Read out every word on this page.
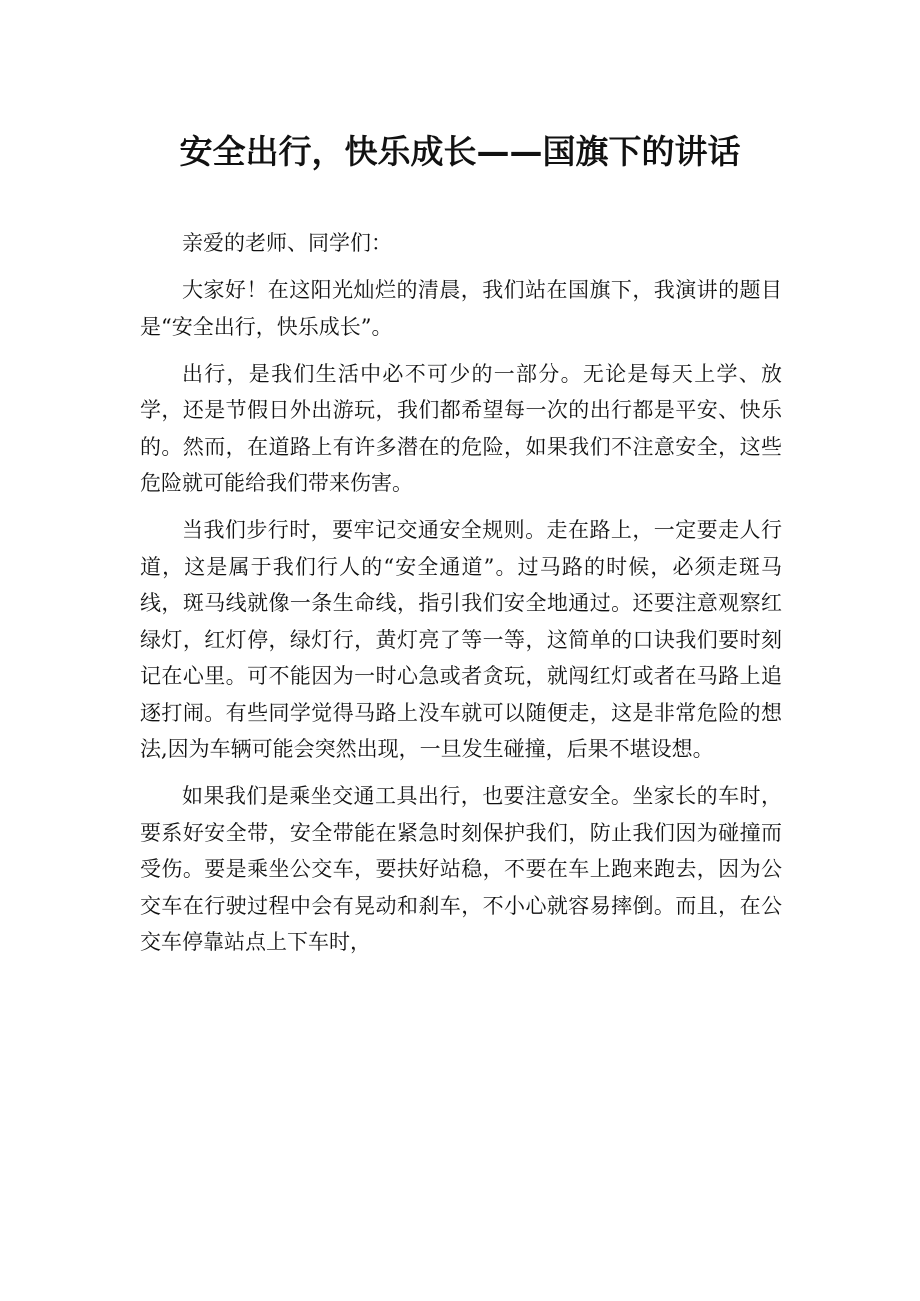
安全出行，快乐成长——国旗下的讲话

亲爱的老师、同学们：

大家好！在这阳光灿烂的清晨，我们站在国旗下，我演讲的题目是“安全出行，快乐成长”。

出行，是我们生活中必不可少的一部分。无论是每天上学、放学，还是节假日外出游玩，我们都希望每一次的出行都是平安、快乐的。然而，在道路上有许多潜在的危险，如果我们不注意安全，这些危险就可能给我们带来伤害。

当我们步行时，要牢记交通安全规则。走在路上，一定要走人行道，这是属于我们行人的“安全通道”。过马路的时候，必须走斑马线，斑马线就像一条生命线，指引我们安全地通过。还要注意观察红绿灯，红灯停，绿灯行，黄灯亮了等一等，这简单的口诀我们要时刻记在心里。可不能因为一时心急或者贪玩，就闯红灯或者在马路上追逐打闹。有些同学觉得马路上没车就可以随便走，这是非常危险的想法,因为车辆可能会突然出现，一旦发生碰撞，后果不堪设想。

如果我们是乘坐交通工具出行，也要注意安全。坐家长的车时，要系好安全带，安全带能在紧急时刻保护我们，防止我们因为碰撞而受伤。要是乘坐公交车，要扶好站稳，不要在车上跑来跑去，因为公交车在行驶过程中会有晃动和刹车，不小心就容易摔倒。而且，在公交车停靠站点上下车时，
